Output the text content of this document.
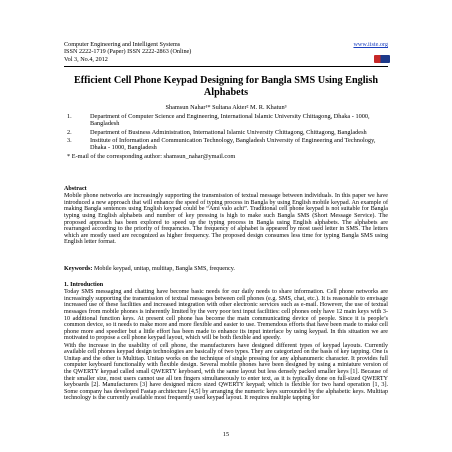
Computer Engineering and Intelligent Systems	www.iiste.org
ISSN 2222-1719 (Paper) ISSN 2222-2863 (Online)
Vol 3, No.4, 2012
Efficient Cell Phone Keypad Designing for Bangla SMS Using English Alphabets
Shamsun Nahar¹* Sultana Akter² M. R. Khatun³
1.	Department of Computer Science and Engineering, International Islamic University Chittagong, Dhaka - 1000, Bangladesh
2.	Department of Business Administration, International Islamic University Chittagong, Chittagong, Bangladesh
3.	Institute of Information and Communication Technology, Bangladesh University of Engineering and Technology, Dhaka - 1000, Bangladesh
* E-mail of the corresponding author: shamsun_nahar@ymail.com
Abstract

Mobile phone networks are increasingly supporting the transmission of textual message between individuals. In this paper we have introduced a new approach that will enhance the speed of typing process in Bangla by using English mobile keypad. An example of making Bangla sentences using English keypad could be “Ami valo achi”. Traditional cell phone keypad is not suitable for Bangla typing using English alphabets and number of key pressing is high to make such Bangla SMS (Short Message Service). The proposed approach has been explored to speed up the typing process in Bangla using English alphabets. The alphabets are rearranged according to the priority of frequencies. The frequency of alphabet is appeared by most used letter in SMS. The letters which are mostly used are recognized as higher frequency. The proposed design consumes less time for typing Bangla SMS using English letter format.

Keywords: Mobile keypad, unitap, multitap, Bangla SMS, frequency.

1. Introduction

Today SMS messaging and chatting have become basic needs for our daily needs to share information. Cell phone networks are increasingly supporting the transmission of textual messages between cell phones (e.g. SMS, chat, etc.). It is reasonable to envisage increased use of these facilities and increased integration with other electronic services such as e-mail. However, the use of textual messages from mobile phones is inherently limited by the very poor text input facilities: cell phones only have 12 main keys with 3-10 additional function keys. At present cell phone has become the main communicating device of people. Since it is people’s common device, so it needs to make more and more flexible and easier to use. Tremendous efforts that have been made to make cell phone more and speedier but a little effort has been made to enhance its input interface by using keypad. In this situation we are motivated to propose a cell phone keypad layout, which will be both flexible and speedy.

With the increase in the usability of cell phone, the manufacturers have designed different types of keypad layouts. Currently available cell phones keypad design technologies are basically of two types. They are categorized on the basis of key tapping. One is Unitap and the other is Multitap. Unitap works on the technique of single pressing for any alphanumeric character. It provides full computer keyboard functionality with flexible design. Several mobile phones have been designed by using a miniature version of the QWERTY keypad called small QWERTY keyboard, with the same layout but less densely packed smaller keys [1]. Because of their smaller size, most users cannot use all ten fingers simultaneously to enter text, as it is typically done on full-sized QWERTY keyboards [2]. Manufacturers [3] have designed micro sized QWERTY keypad; which is flexible for two hand operation [1, 3]. Some company has developed Fastap architecture [4,5] by arranging the numeric keys surrounded by the alphabetic keys. Multitap technology is the currently available most frequently used keypad layout. It requires multiple tapping for

15
